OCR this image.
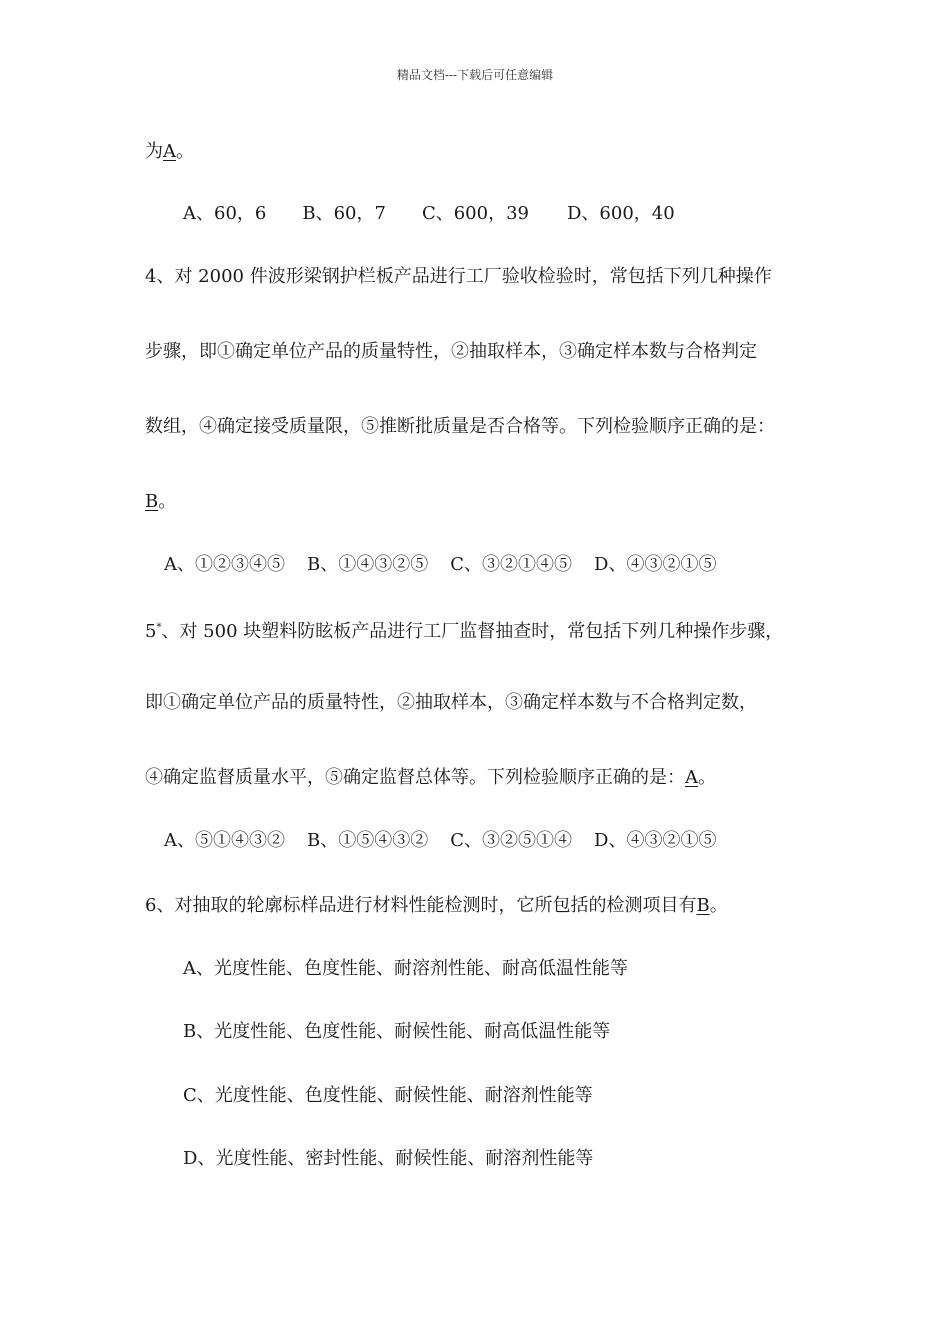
精品文档---下载后可任意编辑
为A。
A、60，6 B、60，7 C、600，39 D、600，40
4、对 2000 件波形梁钢护栏板产品进行工厂验收检验时，常包括下列几种操作
步骤，即①确定单位产品的质量特性，②抽取样本，③确定样本数与合格判定
数组，④确定接受质量限，⑤推断批质量是否合格等。下列检验顺序正确的是：
B。
A、①②③④⑤ B、①④③②⑤ C、③②①④⑤ D、④③②①⑤
5*、对 500 块塑料防眩板产品进行工厂监督抽查时，常包括下列几种操作步骤，
即①确定单位产品的质量特性，②抽取样本，③确定样本数与不合格判定数，
④确定监督质量水平，⑤确定监督总体等。下列检验顺序正确的是：A。
A、⑤①④③② B、①⑤④③② C、③②⑤①④ D、④③②①⑤
6、对抽取的轮廓标样品进行材料性能检测时，它所包括的检测项目有B。
A、光度性能、色度性能、耐溶剂性能、耐高低温性能等
B、光度性能、色度性能、耐候性能、耐高低温性能等
C、光度性能、色度性能、耐候性能、耐溶剂性能等
D、光度性能、密封性能、耐候性能、耐溶剂性能等
